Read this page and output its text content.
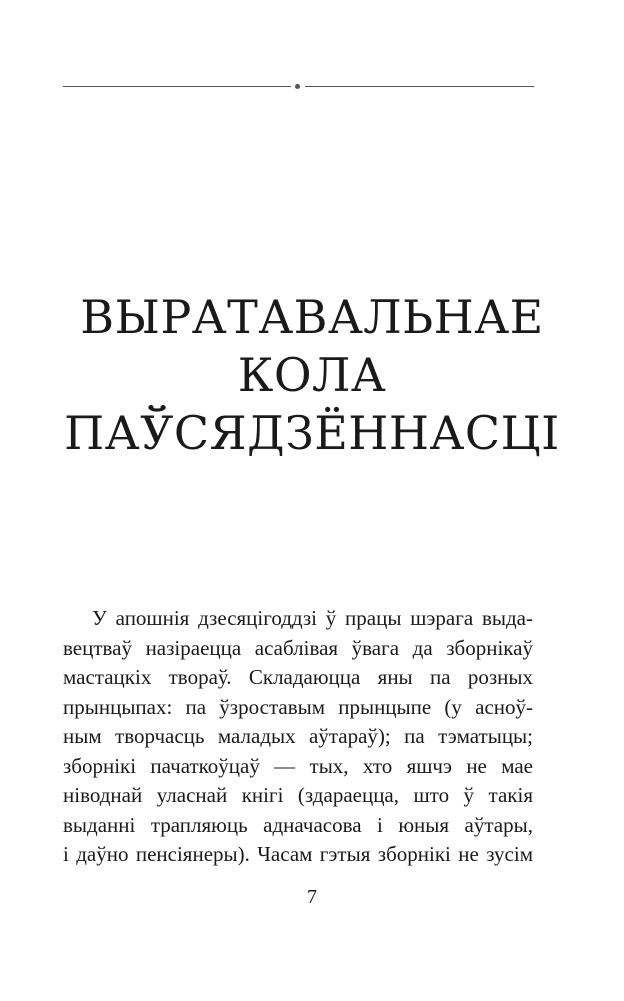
ВЫРАТАВАЛЬНАЕ
КОЛА
ПАЎСЯДЗЁННАСЦІ

У апошнія дзесяцігоддзі ў працы шэрага выда-
вецтваў назіраецца асаблівая ўвага да зборнікаў
мастацкіх твораў. Складаюцца яны па розных
прынцыпах: па ўзроставым прынцыпе (у асноў-
ным творчасць маладых аўтараў); па тэматыцы;
зборнікі пачаткоўцаў — тых, хто яшчэ не мае
ніводнай уласнай кнігі (здараецца, што ў такія
выданні трапляюць адначасова і юныя аўтары,
і даўно пенсіянеры). Часам гэтыя зборнікі не зусім

7
